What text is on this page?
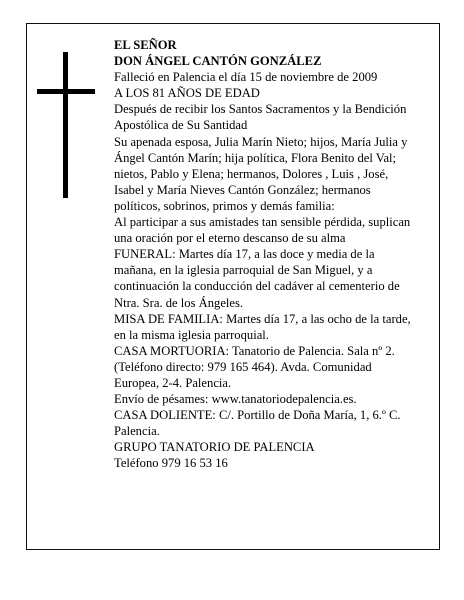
EL SEÑOR

DON ÁNGEL CANTÓN GONZÁLEZ

Falleció en Palencia el día 15 de noviembre de 2009

A LOS 81 AÑOS DE EDAD

Después de recibir los Santos Sacramentos y la Bendición Apostólica de Su Santidad

Su apenada esposa, Julia Marín Nieto; hijos, María Julia y Ángel Cantón Marín; hija política, Flora Benito del Val; nietos, Pablo y Elena; hermanos, Dolores , Luis , José, Isabel y María Nieves Cantón González; hermanos políticos, sobrinos, primos y demás familia:

Al participar a sus amistades tan sensible pérdida, suplican una oración por el eterno descanso de su alma

FUNERAL: Martes día 17, a las doce y media de la mañana, en la iglesia parroquial de San Miguel, y a continuación la conducción del cadáver al cementerio de Ntra. Sra. de los Ángeles.

MISA DE FAMILIA: Martes día 17, a las ocho de la tarde, en la misma iglesia parroquial.

CASA MORTUORIA: Tanatorio de Palencia. Sala nº 2. (Teléfono directo: 979 165 464). Avda. Comunidad Europea, 2-4. Palencia.

Envío de pésames: www.tanatoriodepalencia.es.

CASA DOLIENTE: C/. Portillo de Doña María, 1, 6.º C. Palencia.

GRUPO TANATORIO DE PALENCIA

Teléfono 979 16 53 16
